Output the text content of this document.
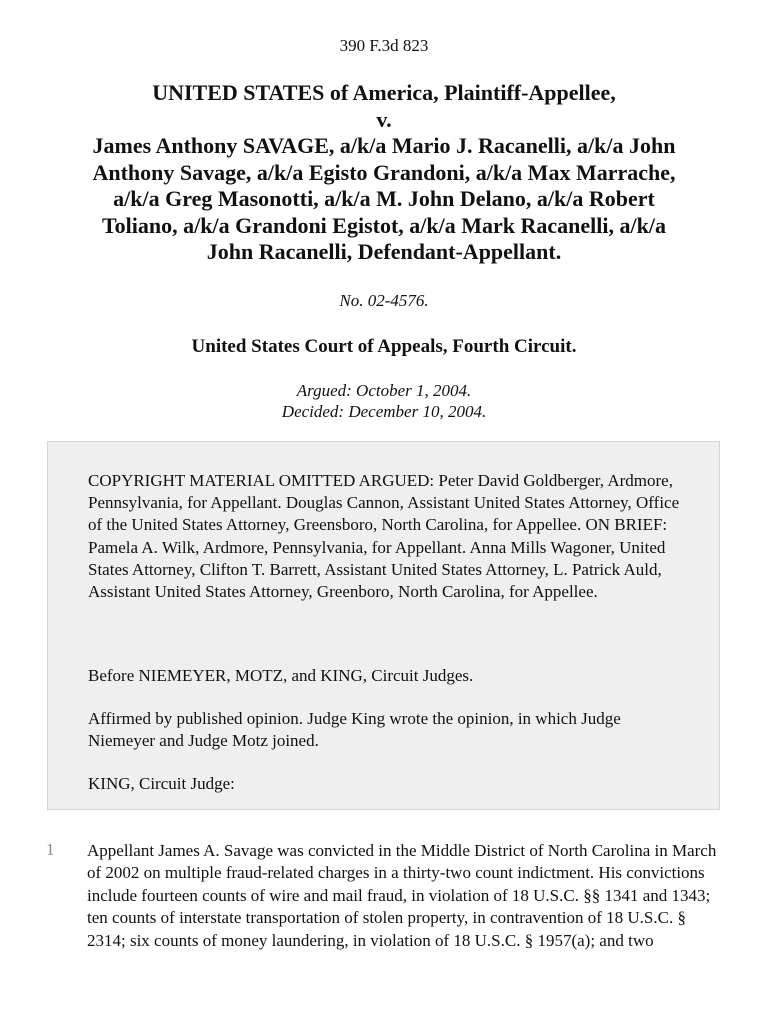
390 F.3d 823
UNITED STATES of America, Plaintiff-Appellee,
v.
James Anthony SAVAGE, a/k/a Mario J. Racanelli, a/k/a John
Anthony Savage, a/k/a Egisto Grandoni, a/k/a Max Marrache,
a/k/a Greg Masonotti, a/k/a M. John Delano, a/k/a Robert
Toliano, a/k/a Grandoni Egistot, a/k/a Mark Racanelli, a/k/a
John Racanelli, Defendant-Appellant.
No. 02-4576.
United States Court of Appeals, Fourth Circuit.
Argued: October 1, 2004.
Decided: December 10, 2004.

COPYRIGHT MATERIAL OMITTED ARGUED: Peter David Goldberger, Ardmore, Pennsylvania, for Appellant. Douglas Cannon, Assistant United States Attorney, Office of the United States Attorney, Greensboro, North Carolina, for Appellee. ON BRIEF: Pamela A. Wilk, Ardmore, Pennsylvania, for Appellant. Anna Mills Wagoner, United States Attorney, Clifton T. Barrett, Assistant United States Attorney, L. Patrick Auld, Assistant United States Attorney, Greenboro, North Carolina, for Appellee.

Before NIEMEYER, MOTZ, and KING, Circuit Judges.

Affirmed by published opinion. Judge King wrote the opinion, in which Judge Niemeyer and Judge Motz joined.

KING, Circuit Judge:

1 Appellant James A. Savage was convicted in the Middle District of North Carolina in March of 2002 on multiple fraud-related charges in a thirty-two count indictment. His convictions include fourteen counts of wire and mail fraud, in violation of 18 U.S.C. §§ 1341 and 1343; ten counts of interstate transportation of stolen property, in contravention of 18 U.S.C. § 2314; six counts of money laundering, in violation of 18 U.S.C. § 1957(a); and two
